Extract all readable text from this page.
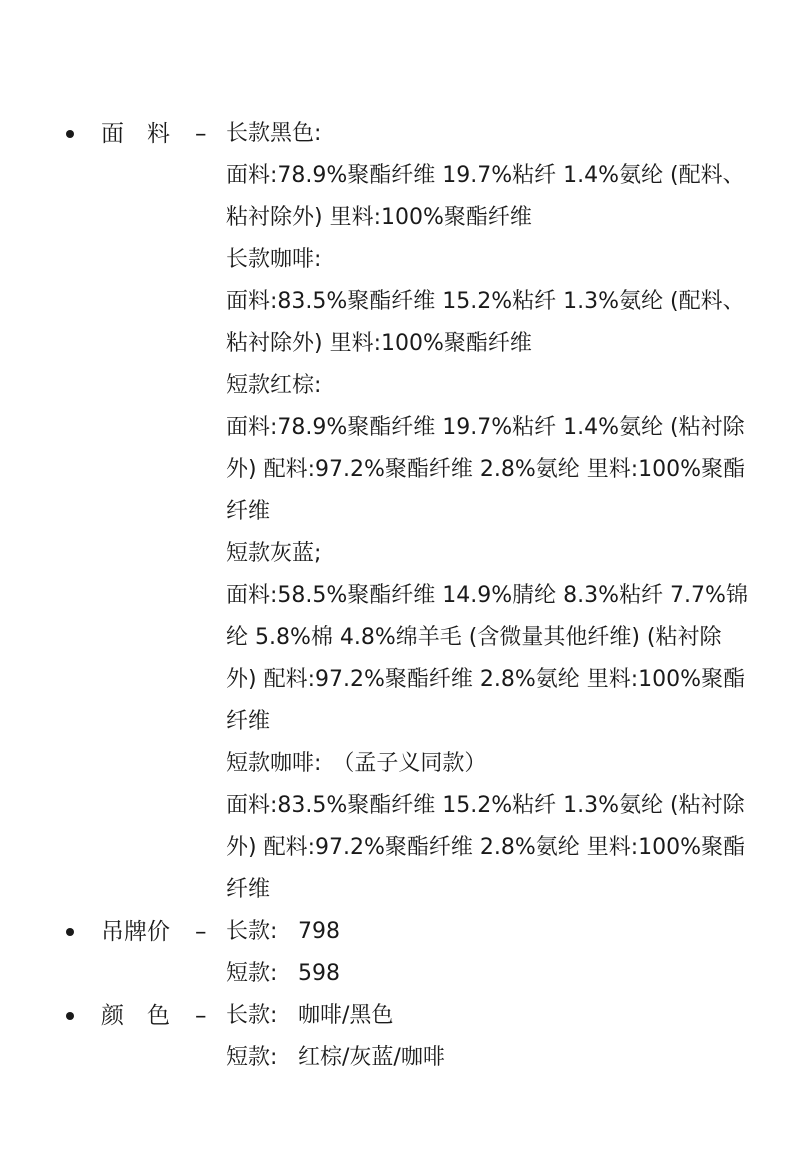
面　料	– 长款黑色:
面料:78.9%聚酯纤维 19.7%粘纤 1.4%氨纶 (配料、粘衬除外) 里料:100%聚酯纤维
长款咖啡:
面料:83.5%聚酯纤维 15.2%粘纤 1.3%氨纶 (配料、粘衬除外) 里料:100%聚酯纤维
短款红棕:
面料:78.9%聚酯纤维 19.7%粘纤 1.4%氨纶 (粘衬除外) 配料:97.2%聚酯纤维 2.8%氨纶 里料:100%聚酯纤维
短款灰蓝;
面料:58.5%聚酯纤维 14.9%腈纶 8.3%粘纤 7.7%锦纶 5.8%棉 4.8%绵羊毛 (含微量其他纤维) (粘衬除外) 配料:97.2%聚酯纤维 2.8%氨纶 里料:100%聚酯纤维
短款咖啡:　（孟子义同款）
面料:83.5%聚酯纤维 15.2%粘纤 1.3%氨纶 (粘衬除外) 配料:97.2%聚酯纤维 2.8%氨纶 里料:100%聚酯纤维
吊牌价	– 长款: 798
短款: 598
颜　色	– 长款: 咖啡/黑色
短款: 红棕/灰蓝/咖啡
